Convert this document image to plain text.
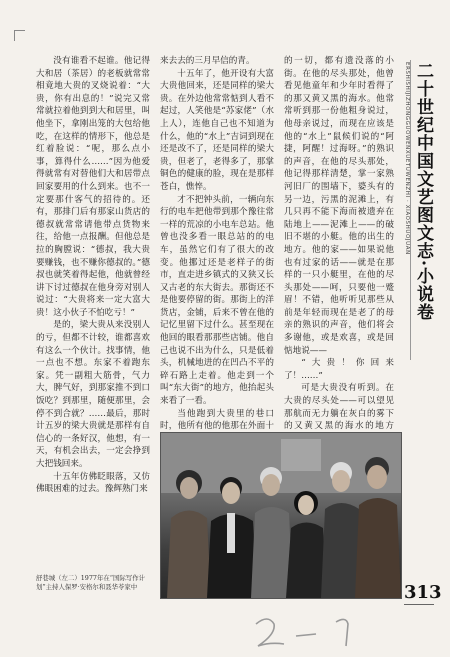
ERSHISHIJIZHONGGUOWENXUETUWENZHI · XIAOSHUOJUAN 二十世纪中国文艺图文志·小说卷

没有谁看不起谁。他记得大和居（茶居）的老板就常常相竟地大贵的叉烧说着：“大贵，你有出息的！”说完又常常就拉着他到到大和居里，叫他坐下，拿刚出笼的大包给他吃，在这样的情形下，他总是红着脸说：“呢，那么点小事，算得什么……”因为他爱得就常有对替他们大和居带点回家要用的什么到来。也不一定要那什客气的招待的。还有，那排门后有那家山货店的德叔就常常请他带点货物来往，给他一点报酬。但他总是拉的胸膛说：“德叔，我大贵要赚钱，也不赚你德叔的。”德叔也就笑着得起他，他就曾经讲下讨过德叔在他身旁对别人说过：“大贵将来一定大富大贵！这小伙子不怕吃亏！”

是的，梁大贵从来没别人的亏，但都不计较，谁都喜欢有这么一个伙计。找事情，他一点也不想。东家不着跑东家。凭一副粗大筋骨，气力大，脾气好，到那家推不到口饭吃？到那里，随便那里，会停不到合就？……最后，那时计五岁的梁大贵就是那样有自信心的一条好汉，他想，有一天，有机会出去，一定会挣到大把钱回来。

十五年仿佛眨眼落，又仿佛眼困难的过去。豫辉熟门来

来去去的三月早信的青。

十五年了，他开设有大富大贵他回来，还是同样的梁大贵。在外边他常常惦到人看不起过，人笑他是“苏家佬”（水上人），连他自己也不知道为什么，他的“水上”吉词到现在还是改不了，还是同样的梁大贵，但老了，老得多了，那掌铜色的健康的脸，现在是那样苍白，憔悴。

才不把钟头前，一辆向东行的电车把他带到那个豫往常一样的荒凉的小电车总站。他曾也没多看一眼总站的的电车，虽然它们有了很大的改变。他挪过还是老样子的街市，直走进乡镇式的又狭又长又古老的东大街去。那街还不是他要停留的街。那街上的洋货店，金铺，后来不曾在他的记忆里留下过什么。甚至现在他回的眼看那那些店铺。他自己也说不出为什么，只是低着头，机械地进的在凹凸不平的碎石路上走着。他走到一个叫“东大街”的地方，他抬起头来看了一看。

当他跑到大贵里的巷口时，他所有他的他那在外面十

的一切，都有遗没落的小街。在他的尽头那处，他曾看见他童年和少年时看得了的那又黄又黑的海水。他常常听到那一份他粗身说过，他母亲说过，而现在应该是他的“水上”鼠候们说的“阿捷，阿醒！过海呀。”的熟识的声音，在他的尽头那处，他记得那样清楚，掌一家熟河旧厂的围墙下，婆头有的另一边，污黑的泥滩上，有几只再不能下海而被遗弃在陆地上——泥滩上——的破旧不堪的小艇。他的出生的地方。他的家——如果说他也有过家的话——就是在那样的一只小艇里，在他的尽头那处——呵，只要他一蹙眉！不错，他听听见那些从前是年轻而现在是老了的母亲的熟识的声音，他们将会多谢他，或是欢喜，或是回惦地说——

“大贵！你回来了！……”

可是大贵没有听到。在大贵的尽头处——可以望见那航而无力躺在灰白的雾下的又黄又黑的海水的地方

舒巷城（左二）1977年在“国际写作计划”主持人保罗·安格尔和聂华苓家中	313
